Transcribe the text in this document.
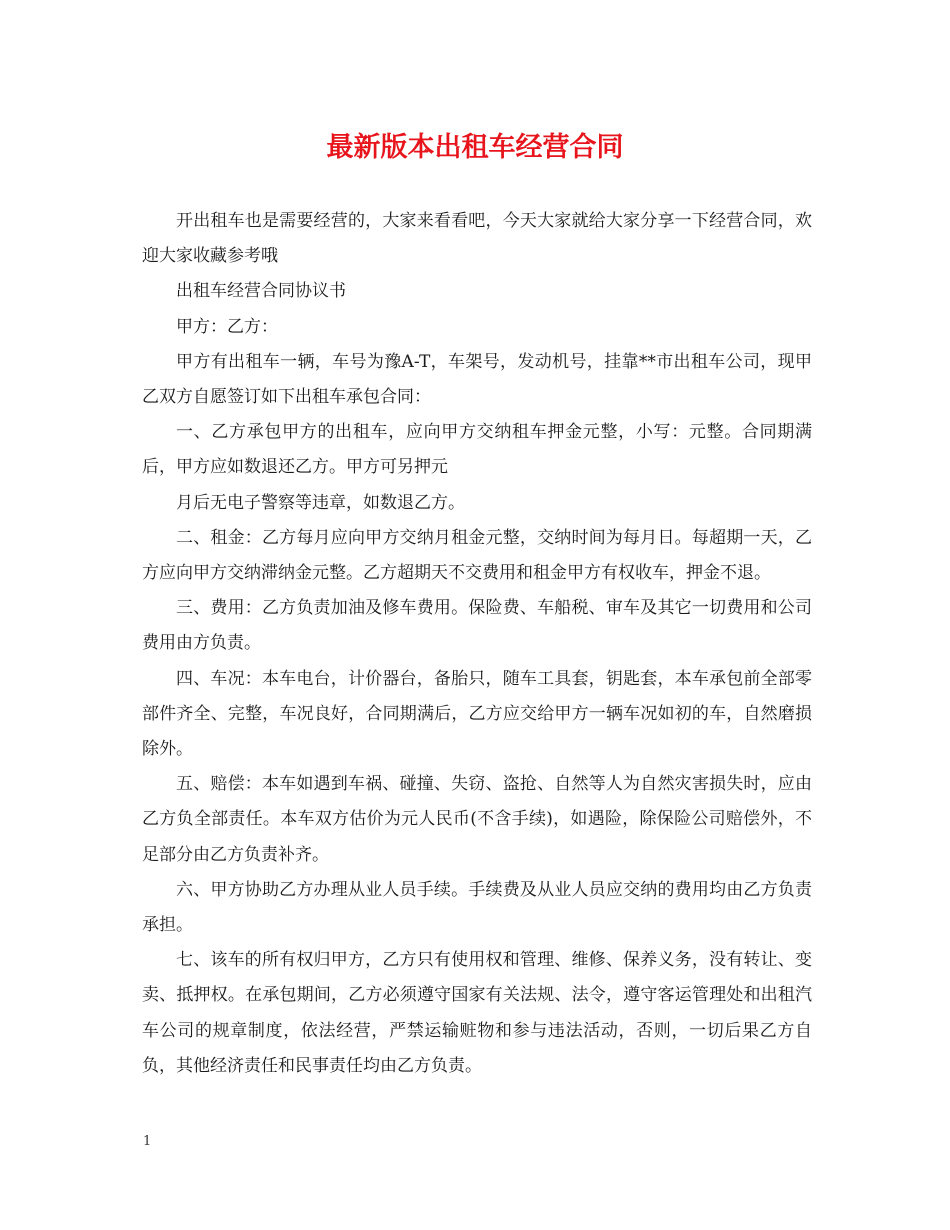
最新版本出租车经营合同

开出租车也是需要经营的，大家来看看吧，今天大家就给大家分享一下经营合同，欢迎大家收藏参考哦

出租车经营合同协议书

甲方：乙方：

甲方有出租车一辆，车号为豫A-T，车架号，发动机号，挂靠**市出租车公司，现甲乙双方自愿签订如下出租车承包合同：

一、乙方承包甲方的出租车，应向甲方交纳租车押金元整，小写：元整。合同期满后，甲方应如数退还乙方。甲方可另押元

月后无电子警察等违章，如数退乙方。

二、租金：乙方每月应向甲方交纳月租金元整，交纳时间为每月日。每超期一天，乙方应向甲方交纳滞纳金元整。乙方超期天不交费用和租金甲方有权收车，押金不退。

三、费用：乙方负责加油及修车费用。保险费、车船税、审车及其它一切费用和公司费用由方负责。

四、车况：本车电台，计价器台，备胎只，随车工具套，钥匙套，本车承包前全部零部件齐全、完整，车况良好，合同期满后，乙方应交给甲方一辆车况如初的车，自然磨损除外。

五、赔偿：本车如遇到车祸、碰撞、失窃、盗抢、自然等人为自然灾害损失时，应由乙方负全部责任。本车双方估价为元人民币(不含手续)，如遇险，除保险公司赔偿外，不足部分由乙方负责补齐。

六、甲方协助乙方办理从业人员手续。手续费及从业人员应交纳的费用均由乙方负责承担。

七、该车的所有权归甲方，乙方只有使用权和管理、维修、保养义务，没有转让、变卖、抵押权。在承包期间，乙方必须遵守国家有关法规、法令，遵守客运管理处和出租汽车公司的规章制度，依法经营，严禁运输赃物和参与违法活动，否则，一切后果乙方自负，其他经济责任和民事责任均由乙方负责。

1
